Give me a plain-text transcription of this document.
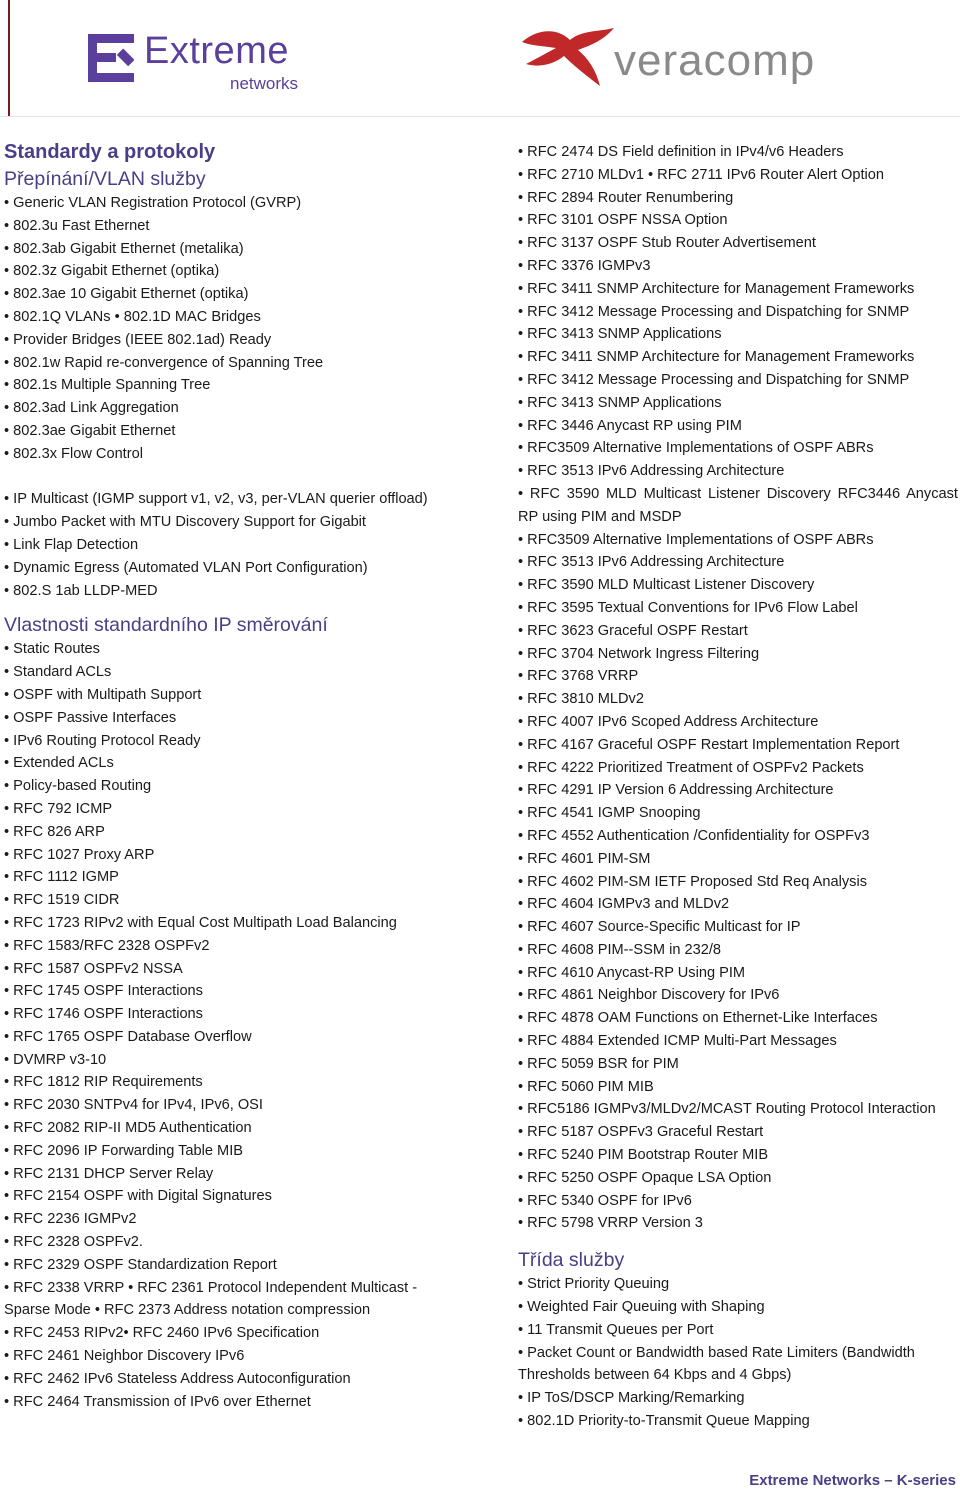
Extreme
networks	veracomp
Standardy a protokoly
Přepínání/VLAN služby
• Generic VLAN Registration Protocol (GVRP)
• 802.3u Fast Ethernet
• 802.3ab Gigabit Ethernet (metalika)
• 802.3z Gigabit Ethernet (optika)
• 802.3ae 10 Gigabit Ethernet (optika)
• 802.1Q VLANs • 802.1D MAC Bridges
• Provider Bridges (IEEE 802.1ad) Ready
• 802.1w Rapid re-convergence of Spanning Tree
• 802.1s Multiple Spanning Tree
• 802.3ad Link Aggregation
• 802.3ae Gigabit Ethernet
• 802.3x Flow Control
• IP Multicast (IGMP support v1, v2, v3, per-VLAN querier offload)
• Jumbo Packet with MTU Discovery Support for Gigabit
• Link Flap Detection
• Dynamic Egress (Automated VLAN Port Configuration)
• 802.S 1ab LLDP-MED
Vlastnosti standardního IP směrování
• Static Routes
• Standard ACLs
• OSPF with Multipath Support
• OSPF Passive Interfaces
• IPv6 Routing Protocol Ready
• Extended ACLs
• Policy-based Routing
• RFC 792 ICMP
• RFC 826 ARP
• RFC 1027 Proxy ARP
• RFC 1112 IGMP
• RFC 1519 CIDR
• RFC 1723 RIPv2 with Equal Cost Multipath Load Balancing
• RFC 1583/RFC 2328 OSPFv2
• RFC 1587 OSPFv2 NSSA
• RFC 1745 OSPF Interactions
• RFC 1746 OSPF Interactions
• RFC 1765 OSPF Database Overflow
• DVMRP v3-10
• RFC 1812 RIP Requirements
• RFC 2030 SNTPv4 for IPv4, IPv6, OSI
• RFC 2082 RIP-II MD5 Authentication
• RFC 2096 IP Forwarding Table MIB
• RFC 2131 DHCP Server Relay
• RFC 2154 OSPF with Digital Signatures
• RFC 2236 IGMPv2
• RFC 2328 OSPFv2.
• RFC 2329 OSPF Standardization Report
• RFC 2338 VRRP • RFC 2361 Protocol Independent Multicast - Sparse Mode • RFC 2373 Address notation compression
• RFC 2453 RIPv2• RFC 2460 IPv6 Specification
• RFC 2461 Neighbor Discovery IPv6
• RFC 2462 IPv6 Stateless Address Autoconfiguration
• RFC 2464 Transmission of IPv6 over Ethernet
• RFC 2474 DS Field definition in IPv4/v6 Headers
• RFC 2710 MLDv1 • RFC 2711 IPv6 Router Alert Option
• RFC 2894 Router Renumbering
• RFC 3101 OSPF NSSA Option
• RFC 3137 OSPF Stub Router Advertisement
• RFC 3376 IGMPv3
• RFC 3411 SNMP Architecture for Management Frameworks
• RFC 3412 Message Processing and Dispatching for SNMP
• RFC 3413 SNMP Applications
• RFC 3411 SNMP Architecture for Management Frameworks
• RFC 3412 Message Processing and Dispatching for SNMP
• RFC 3413 SNMP Applications
• RFC 3446 Anycast RP using PIM
• RFC3509 Alternative Implementations of OSPF ABRs
• RFC 3513 IPv6 Addressing Architecture
• RFC 3590 MLD Multicast Listener Discovery RFC3446 Anycast RP using PIM and MSDP
• RFC3509 Alternative Implementations of OSPF ABRs
• RFC 3513 IPv6 Addressing Architecture
• RFC 3590 MLD Multicast Listener Discovery
• RFC 3595 Textual Conventions for IPv6 Flow Label
• RFC 3623 Graceful OSPF Restart
• RFC 3704 Network Ingress Filtering
• RFC 3768 VRRP
• RFC 3810 MLDv2
• RFC 4007 IPv6 Scoped Address Architecture
• RFC 4167 Graceful OSPF Restart Implementation Report
• RFC 4222 Prioritized Treatment of OSPFv2 Packets
• RFC 4291 IP Version 6 Addressing Architecture
• RFC 4541 IGMP Snooping
• RFC 4552 Authentication /Confidentiality for OSPFv3
• RFC 4601 PIM-SM
• RFC 4602 PIM-SM IETF Proposed Std Req Analysis
• RFC 4604 IGMPv3 and MLDv2
• RFC 4607 Source-Specific Multicast for IP
• RFC 4608 PIM--SSM in 232/8
• RFC 4610 Anycast-RP Using PIM
• RFC 4861 Neighbor Discovery for IPv6
• RFC 4878 OAM Functions on Ethernet-Like Interfaces
• RFC 4884 Extended ICMP Multi-Part Messages
• RFC 5059 BSR for PIM
• RFC 5060 PIM MIB
• RFC5186 IGMPv3/MLDv2/MCAST Routing Protocol Interaction
• RFC 5187 OSPFv3 Graceful Restart
• RFC 5240 PIM Bootstrap Router MIB
• RFC 5250 OSPF Opaque LSA Option
• RFC 5340 OSPF for IPv6
• RFC 5798 VRRP Version 3
Třída služby
• Strict Priority Queuing
• Weighted Fair Queuing with Shaping
• 11 Transmit Queues per Port
• Packet Count or Bandwidth based Rate Limiters (Bandwidth Thresholds between 64 Kbps and 4 Gbps)
• IP ToS/DSCP Marking/Remarking
• 802.1D Priority-to-Transmit Queue Mapping
Extreme Networks – K-series
